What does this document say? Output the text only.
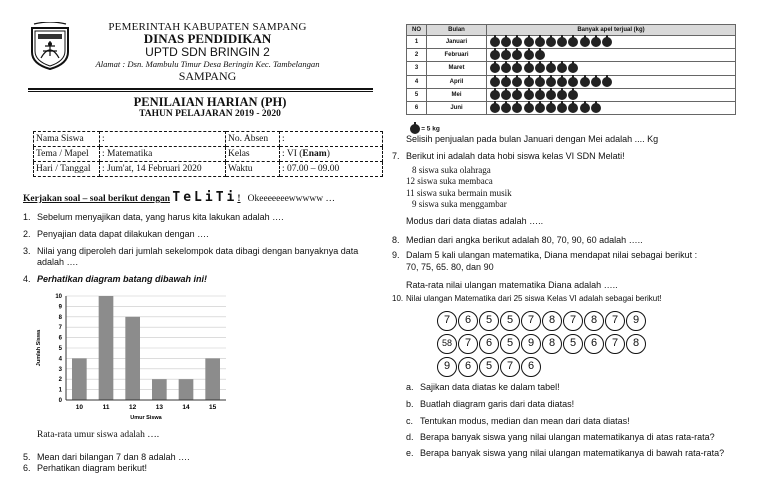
PEMERINTAH KABUPATEN SAMPANG
DINAS PENDIDIKAN
UPTD SDN BRINGIN 2
Alamat : Dsn. Mambulu Timur Desa Beringin Kec. Tambelangan
SAMPANG
PENILAIAN HARIAN (PH)
TAHUN PELAJARAN 2019 - 2020
Nama Siswa	:	No. Absen	:
Tema / Mapel	: Matematika	Kelas	: VI (Enam)
Hari / Tanggal	: Jum'at, 14 Februari 2020	Waktu	: 07.00 – 09.00
Kerjakan soal – soal berikut dengan TeLiTi! Okeeeeeeewwwww …
1. Sebelum menyajikan data, yang harus kita lakukan adalah ….
2. Penyajian data dapat dilakukan dengan ….
3. Nilai yang diperoleh dari jumlah sekelompok data dibagi dengan banyaknya data adalah ….
4. Perhatikan diagram batang dibawah ini!
0
1
2
3
4
5
6
7
8
9
10
10	11	12	13	14	15
Jumlah Siswa
Umur Siswa
Rata-rata umur siswa adalah ….
5. Mean dari bilangan 7 dan 8 adalah ….
6. Perhatikan diagram berikut!
NO	Bulan	Banyak apel terjual (kg)
1	Januari	
2	Februari	
3	Maret	
4	April	
5	Mei	
6	Juni	
= 5 kg
Selisih penjualan pada bulan Januari dengan Mei adalah .... Kg
7. Berikut ini adalah data hobi siswa kelas VI SDN Melati!
8 siswa suka olahraga
12 siswa suka membaca
11 siswa suka bermain musik
9 siswa suka menggambar
Modus dari data diatas adalah …..
8. Median dari angka berikut adalah 80, 70, 90, 60 adalah …..
9. Dalam 5 kali ulangan matematika, Diana mendapat nilai sebagai berikut :
70, 75, 65. 80, dan 90
Rata-rata nilai ulangan matematika Diana adalah …..
10. Nilai ulangan Matematika dari 25 siswa Kelas VI adalah sebagai berikut!
7 6 5 5 7 8 7 8 7 9
58 7 6 5 9 8 5 6 7 8
9 6 5 7 6
a. Sajikan data diatas ke dalam tabel!
b. Buatlah diagram garis dari data diatas!
c. Tentukan modus, median dan mean dari data diatas!
d. Berapa banyak siswa yang nilai ulangan matematikanya di atas rata-rata?
e. Berapa banyak siswa yang nilai ulangan matematikanya di bawah rata-rata?
